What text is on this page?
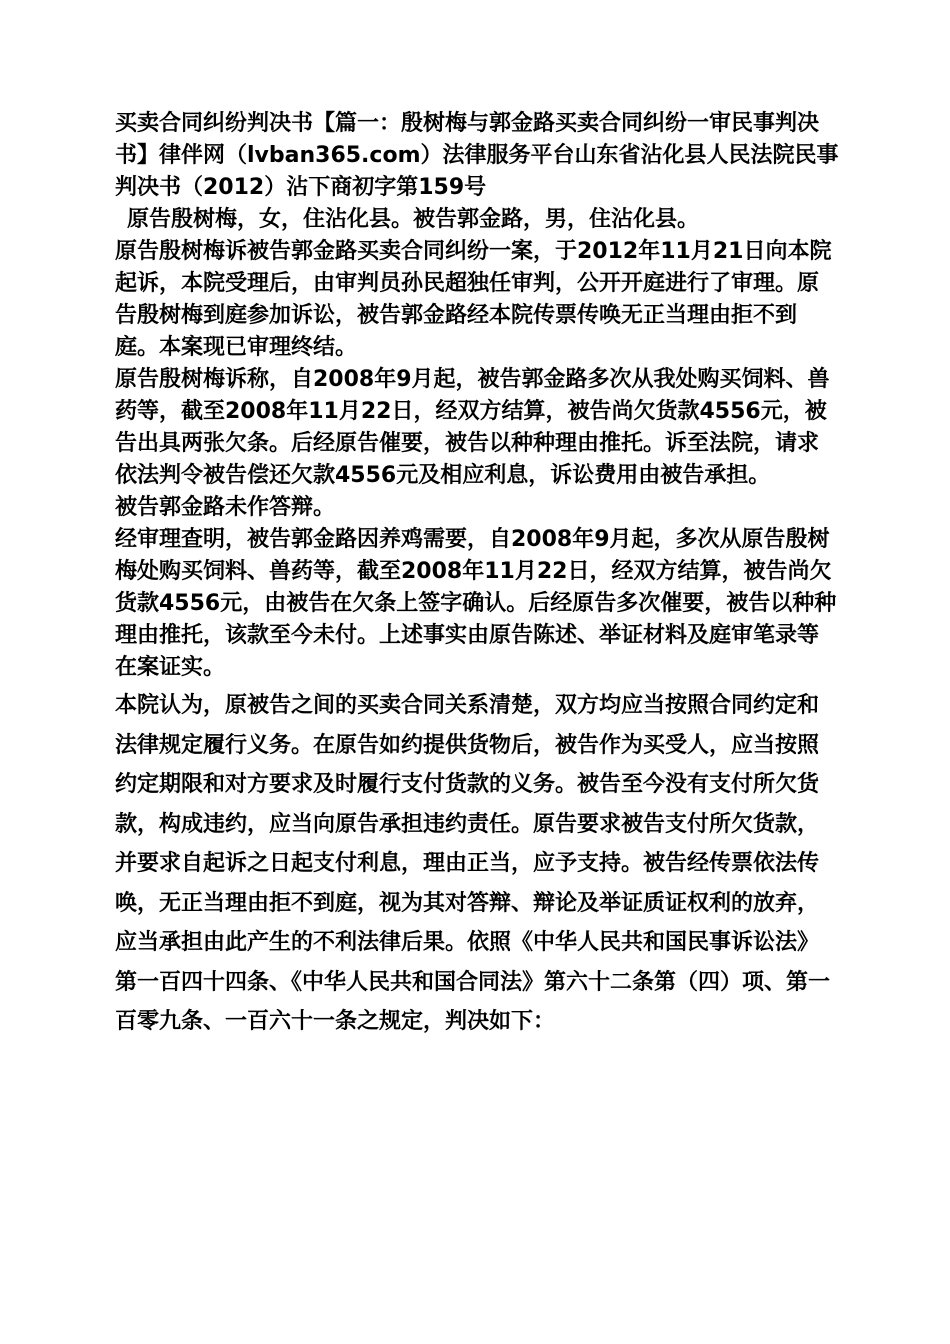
买卖合同纠纷判决书【篇一：殷树梅与郭金路买卖合同纠纷一审民事判决书】律伴网（lvban365.com）法律服务平台山东省沾化县人民法院民事判决书（2012）沾下商初字第159号

原告殷树梅，女，住沾化县。被告郭金路，男，住沾化县。

原告殷树梅诉被告郭金路买卖合同纠纷一案，于2012年11月21日向本院起诉，本院受理后，由审判员孙民超独任审判，公开开庭进行了审理。原告殷树梅到庭参加诉讼，被告郭金路经本院传票传唤无正当理由拒不到庭。本案现已审理终结。

原告殷树梅诉称，自2008年9月起，被告郭金路多次从我处购买饲料、兽药等，截至2008年11月22日，经双方结算，被告尚欠货款4556元，被告出具两张欠条。后经原告催要，被告以种种理由推托。诉至法院，请求依法判令被告偿还欠款4556元及相应利息，诉讼费用由被告承担。

被告郭金路未作答辩。

经审理查明，被告郭金路因养鸡需要，自2008年9月起，多次从原告殷树梅处购买饲料、兽药等，截至2008年11月22日，经双方结算，被告尚欠货款4556元，由被告在欠条上签字确认。后经原告多次催要，被告以种种理由推托，该款至今未付。上述事实由原告陈述、举证材料及庭审笔录等在案证实。

本院认为，原被告之间的买卖合同关系清楚，双方均应当按照合同约定和法律规定履行义务。在原告如约提供货物后，被告作为买受人，应当按照约定期限和对方要求及时履行支付货款的义务。被告至今没有支付所欠货款，构成违约，应当向原告承担违约责任。原告要求被告支付所欠货款，并要求自起诉之日起支付利息，理由正当，应予支持。被告经传票依法传唤，无正当理由拒不到庭，视为其对答辩、辩论及举证质证权利的放弃，应当承担由此产生的不利法律后果。依照《中华人民共和国民事诉讼法》第一百四十四条、《中华人民共和国合同法》第六十二条第（四）项、第一百零九条、一百六十一条之规定，判决如下：
